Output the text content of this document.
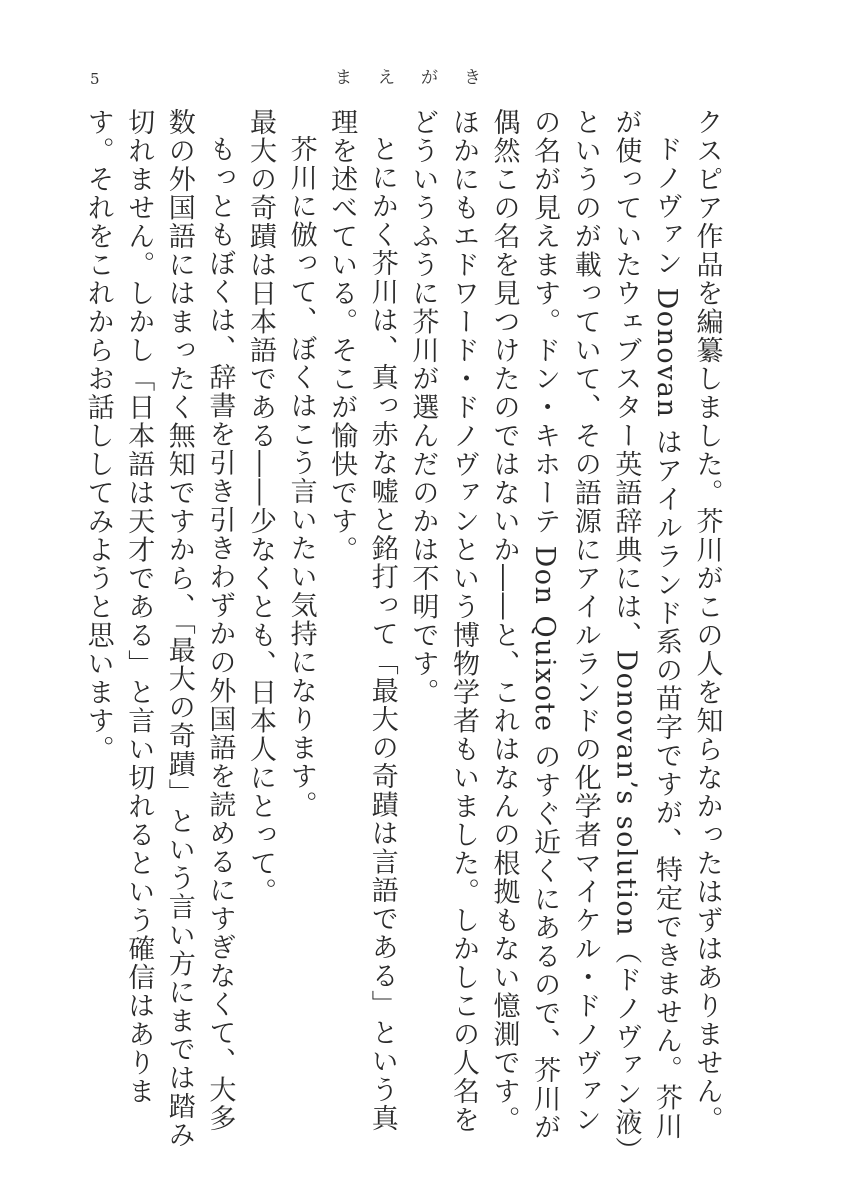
5	まえがき

クスピア作品を編纂しました。芥川がこの人を知らなかったはずはありません。

ドノヴァン Donovan はアイルランド系の苗字ですが、特定できません。芥川が使っていたウェブスター英語辞典には、Donovan’s solution（ドノヴァン液）というのが載っていて、その語源にアイルランドの化学者マイケル・ドノヴァンの名が見えます。ドン・キホーテ Don Quixote のすぐ近くにあるので、芥川が偶然この名を見つけたのではないか――と、これはなんの根拠もない憶測です。ほかにもエドワード・ドノヴァンという博物学者もいました。しかしこの人名をどういうふうに芥川が選んだのかは不明です。

とにかく芥川は、真っ赤な嘘と銘打って「最大の奇蹟は言語である」という真理を述べている。そこが愉快です。

芥川に倣って、ぼくはこう言いたい気持になります。

最大の奇蹟は日本語である――少なくとも、日本人にとって。

もっともぼくは、辞書を引き引きわずかの外国語を読めるにすぎなくて、大多数の外国語にはまったく無知ですから、「最大の奇蹟」という言い方にまでは踏み切れません。しかし「日本語は天才である」と言い切れるという確信はあります。それをこれからお話ししてみようと思います。
